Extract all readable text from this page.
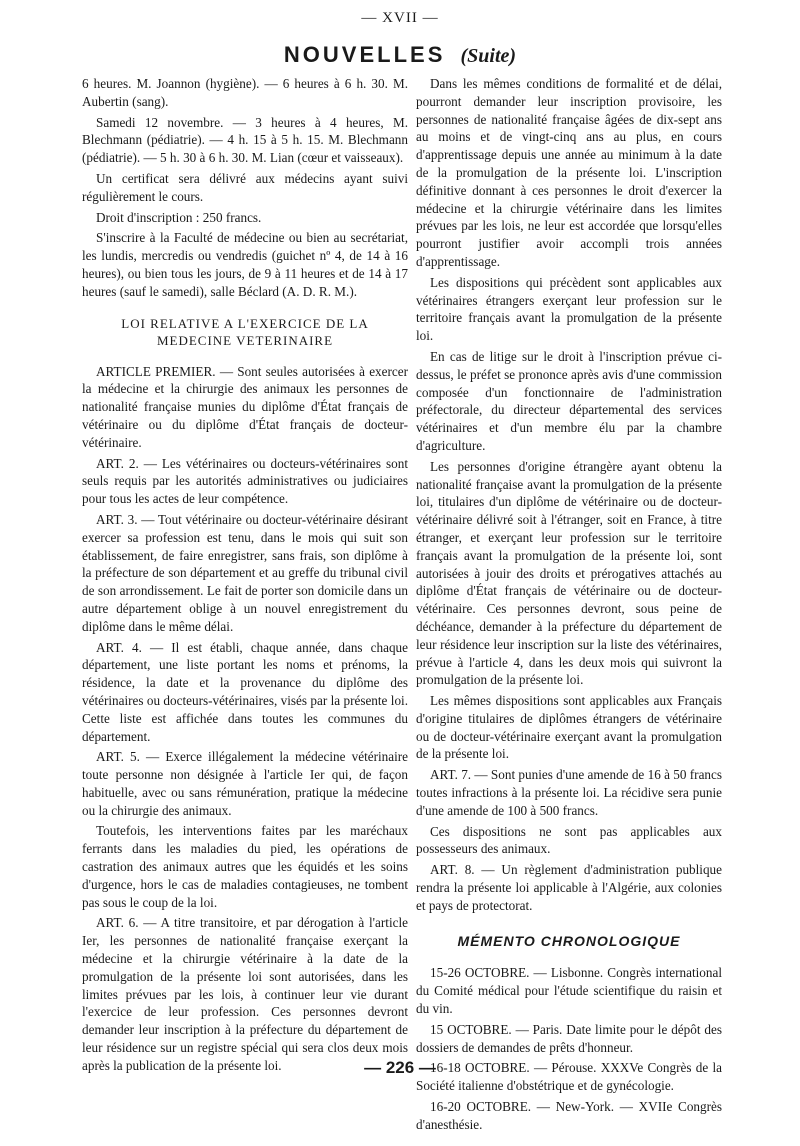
— XVII —
NOUVELLES (Suite)

6 heures. M. Joannon (hygiène). — 6 heures à 6 h. 30. M. Aubertin (sang).

Samedi 12 novembre. — 3 heures à 4 heures, M. Blechmann (pédiatrie). — 4 h. 15 à 5 h. 15. M. Blechmann (pédiatrie). — 5 h. 30 à 6 h. 30. M. Lian (cœur et vaisseaux).

Un certificat sera délivré aux médecins ayant suivi régulièrement le cours.

Droit d'inscription : 250 francs.

S'inscrire à la Faculté de médecine ou bien au secrétariat, les lundis, mercredis ou vendredis (guichet nº 4, de 14 à 16 heures), ou bien tous les jours, de 9 à 11 heures et de 14 à 17 heures (sauf le samedi), salle Béclard (A. D. R. M.).

LOI RELATIVE A L'EXERCICE DE LA MEDECINE VETERINAIRE

ARTICLE PREMIER. — Sont seules autorisées à exercer la médecine et la chirurgie des animaux les personnes de nationalité française munies du diplôme d'État français de vétérinaire ou du diplôme d'État français de docteur-vétérinaire.

ART. 2. — Les vétérinaires ou docteurs-vétérinaires sont seuls requis par les autorités administratives ou judiciaires pour tous les actes de leur compétence.

ART. 3. — Tout vétérinaire ou docteur-vétérinaire désirant exercer sa profession est tenu, dans le mois qui suit son établissement, de faire enregistrer, sans frais, son diplôme à la préfecture de son département et au greffe du tribunal civil de son arrondissement. Le fait de porter son domicile dans un autre département oblige à un nouvel enregistrement du diplôme dans le même délai.

ART. 4. — Il est établi, chaque année, dans chaque département, une liste portant les noms et prénoms, la résidence, la date et la provenance du diplôme des vétérinaires ou docteurs-vétérinaires, visés par la présente loi. Cette liste est affichée dans toutes les communes du département.

ART. 5. — Exerce illégalement la médecine vétérinaire toute personne non désignée à l'article Ier qui, de façon habituelle, avec ou sans rémunération, pratique la médecine ou la chirurgie des animaux.

Toutefois, les interventions faites par les maréchaux ferrants dans les maladies du pied, les opérations de castration des animaux autres que les équidés et les soins d'urgence, hors le cas de maladies contagieuses, ne tombent pas sous le coup de la loi.

ART. 6. — A titre transitoire, et par dérogation à l'article Ier, les personnes de nationalité française exerçant la médecine et la chirurgie vétérinaire à la date de la promulgation de la présente loi sont autorisées, dans les limites prévues par les lois, à continuer leur vie durant l'exercice de leur profession. Ces personnes devront demander leur inscription à la préfecture du département de leur résidence sur un registre spécial qui sera clos deux mois après la publication de la présente loi.

Dans les mêmes conditions de formalité et de délai, pourront demander leur inscription provisoire, les personnes de nationalité française âgées de dix-sept ans au moins et de vingt-cinq ans au plus, en cours d'apprentissage depuis une année au minimum à la date de la promulgation de la présente loi. L'inscription définitive donnant à ces personnes le droit d'exercer la médecine et la chirurgie vétérinaire dans les limites prévues par les lois, ne leur est accordée que lorsqu'elles pourront justifier avoir accompli trois années d'apprentissage.

Les dispositions qui précèdent sont applicables aux vétérinaires étrangers exerçant leur profession sur le territoire français avant la promulgation de la présente loi.

En cas de litige sur le droit à l'inscription prévue ci-dessus, le préfet se prononce après avis d'une commission composée d'un fonctionnaire de l'administration préfectorale, du directeur départemental des services vétérinaires et d'un membre élu par la chambre d'agriculture.

Les personnes d'origine étrangère ayant obtenu la nationalité française avant la promulgation de la présente loi, titulaires d'un diplôme de vétérinaire ou de docteur-vétérinaire délivré soit à l'étranger, soit en France, à titre étranger, et exerçant leur profession sur le territoire français avant la promulgation de la présente loi, sont autorisées à jouir des droits et prérogatives attachés au diplôme d'État français de vétérinaire ou de docteur-vétérinaire. Ces personnes devront, sous peine de déchéance, demander à la préfecture du département de leur résidence leur inscription sur la liste des vétérinaires, prévue à l'article 4, dans les deux mois qui suivront la promulgation de la présente loi.

Les mêmes dispositions sont applicables aux Français d'origine titulaires de diplômes étrangers de vétérinaire ou de docteur-vétérinaire exerçant avant la promulgation de la présente loi.

ART. 7. — Sont punies d'une amende de 16 à 50 francs toutes infractions à la présente loi. La récidive sera punie d'une amende de 100 à 500 francs.

Ces dispositions ne sont pas applicables aux possesseurs des animaux.

ART. 8. — Un règlement d'administration publique rendra la présente loi applicable à l'Algérie, aux colonies et pays de protectorat.

MÉMENTO CHRONOLOGIQUE

15-26 OCTOBRE. — Lisbonne. Congrès international du Comité médical pour l'étude scientifique du raisin et du vin.

15 OCTOBRE. — Paris. Date limite pour le dépôt des dossiers de demandes de prêts d'honneur.

16-18 OCTOBRE. — Pérouse. XXXVe Congrès de la Société italienne d'obstétrique et de gynécologie.

16-20 OCTOBRE. — New-York. — XVIIe Congrès d'anesthésie.

— 226 —
